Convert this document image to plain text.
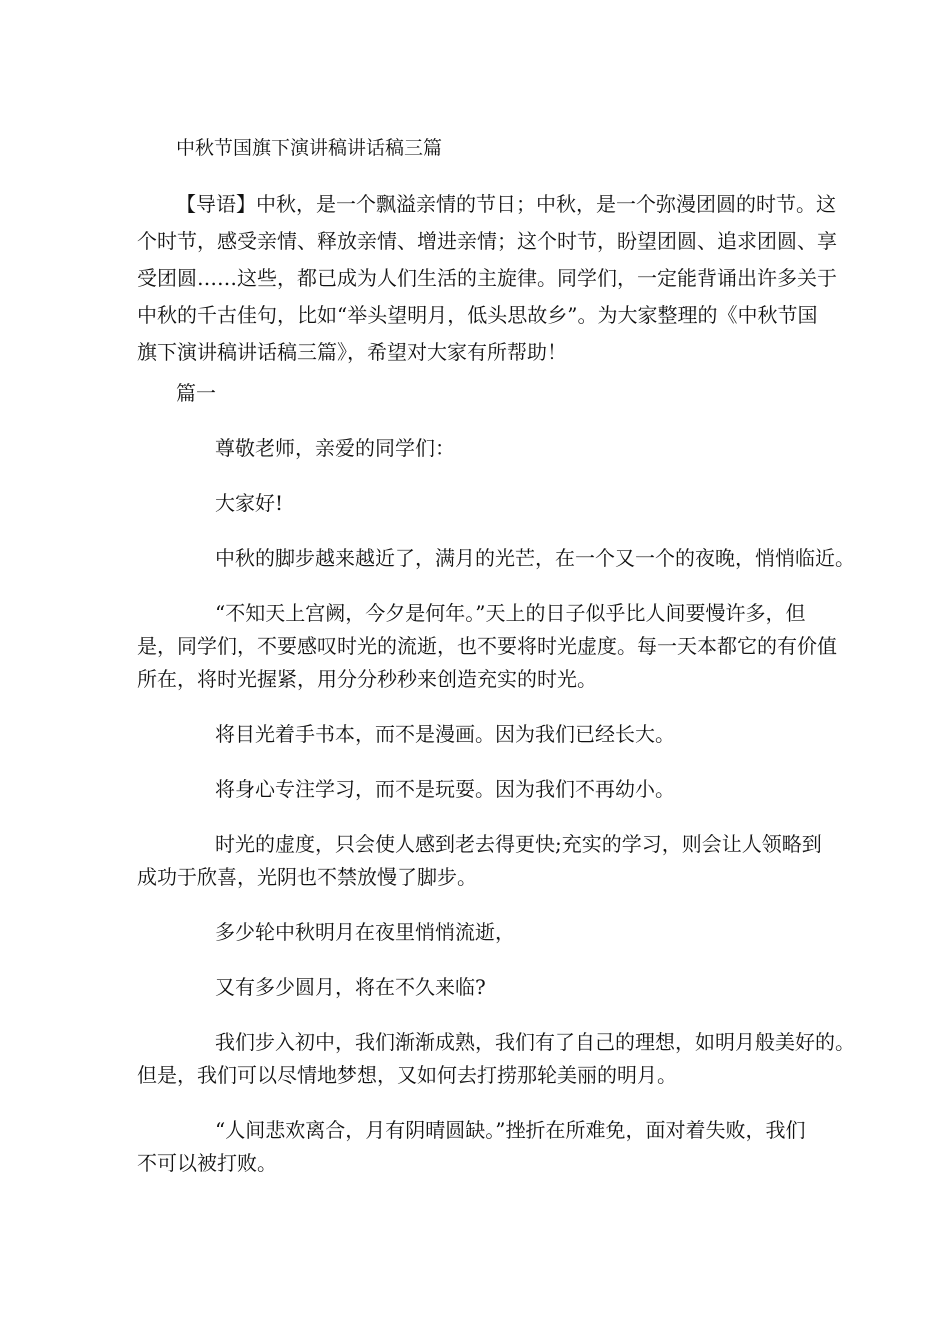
中秋节国旗下演讲稿讲话稿三篇
【导语】中秋，是一个飘溢亲情的节日；中秋，是一个弥漫团圆的时节。这
个时节，感受亲情、释放亲情、增进亲情；这个时节，盼望团圆、追求团圆、享
受团圆……这些，都已成为人们生活的主旋律。同学们，一定能背诵出许多关于
中秋的千古佳句，比如“举头望明月，低头思故乡”。为大家整理的《中秋节国
旗下演讲稿讲话稿三篇》，希望对大家有所帮助！
篇一
尊敬老师，亲爱的同学们：
大家好!
中秋的脚步越来越近了，满月的光芒，在一个又一个的夜晚，悄悄临近。
“不知天上宫阙，今夕是何年。”天上的日子似乎比人间要慢许多，但
是，同学们，不要感叹时光的流逝，也不要将时光虚度。每一天本都它的有价值
所在，将时光握紧，用分分秒秒来创造充实的时光。
将目光着手书本，而不是漫画。因为我们已经长大。
将身心专注学习，而不是玩耍。因为我们不再幼小。
时光的虚度，只会使人感到老去得更快;充实的学习，则会让人领略到
成功于欣喜，光阴也不禁放慢了脚步。
多少轮中秋明月在夜里悄悄流逝，
又有多少圆月，将在不久来临?
我们步入初中，我们渐渐成熟，我们有了自己的理想，如明月般美好的。
但是，我们可以尽情地梦想，又如何去打捞那轮美丽的明月。
“人间悲欢离合，月有阴晴圆缺。”挫折在所难免，面对着失败，我们
不可以被打败。
